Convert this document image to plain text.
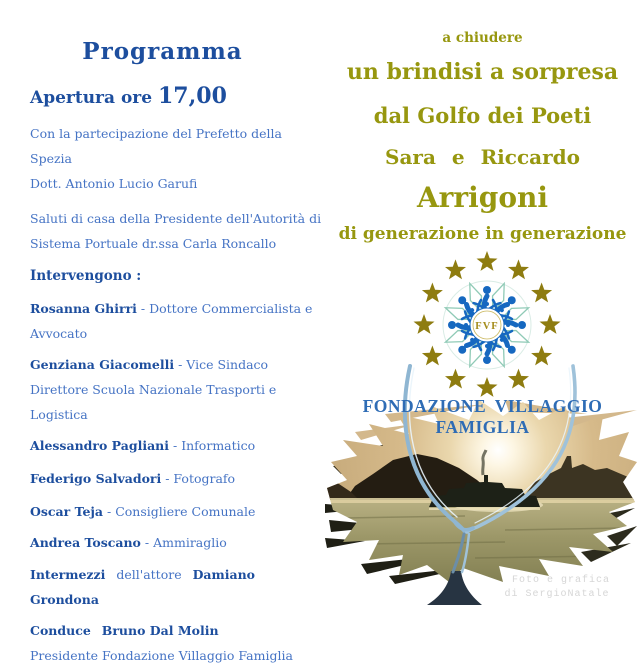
Programma

Apertura ore 17,00

Con la partecipazione del Prefetto della Spezia
Dott. Antonio Lucio Garufi

Saluti di casa della Presidente dell'Autorità di
Sistema Portuale dr.ssa Carla Roncallo

Intervengono :

Rosanna Ghirri - Dottore Commercialista e Avvocato

Genziana Giacomelli - Vice Sindaco
Direttore Scuola Nazionale Trasporti e Logistica

Alessandro Pagliani - Informatico

Federigo Salvadori - Fotografo

Oscar Teja - Consigliere Comunale

Andrea Toscano - Ammiraglio

Intermezzi dell'attore Damiano Grondona

Conduce Bruno Dal Molin
Presidente Fondazione Villaggio Famiglia

a chiudere

un brindisi a sorpresa

dal Golfo dei Poeti

Sara e Riccardo

Arrigoni

di generazione in generazione

FVF

FONDAZIONE VILLAGGIO FAMIGLIA

Foto e grafica
di SergioNatale
